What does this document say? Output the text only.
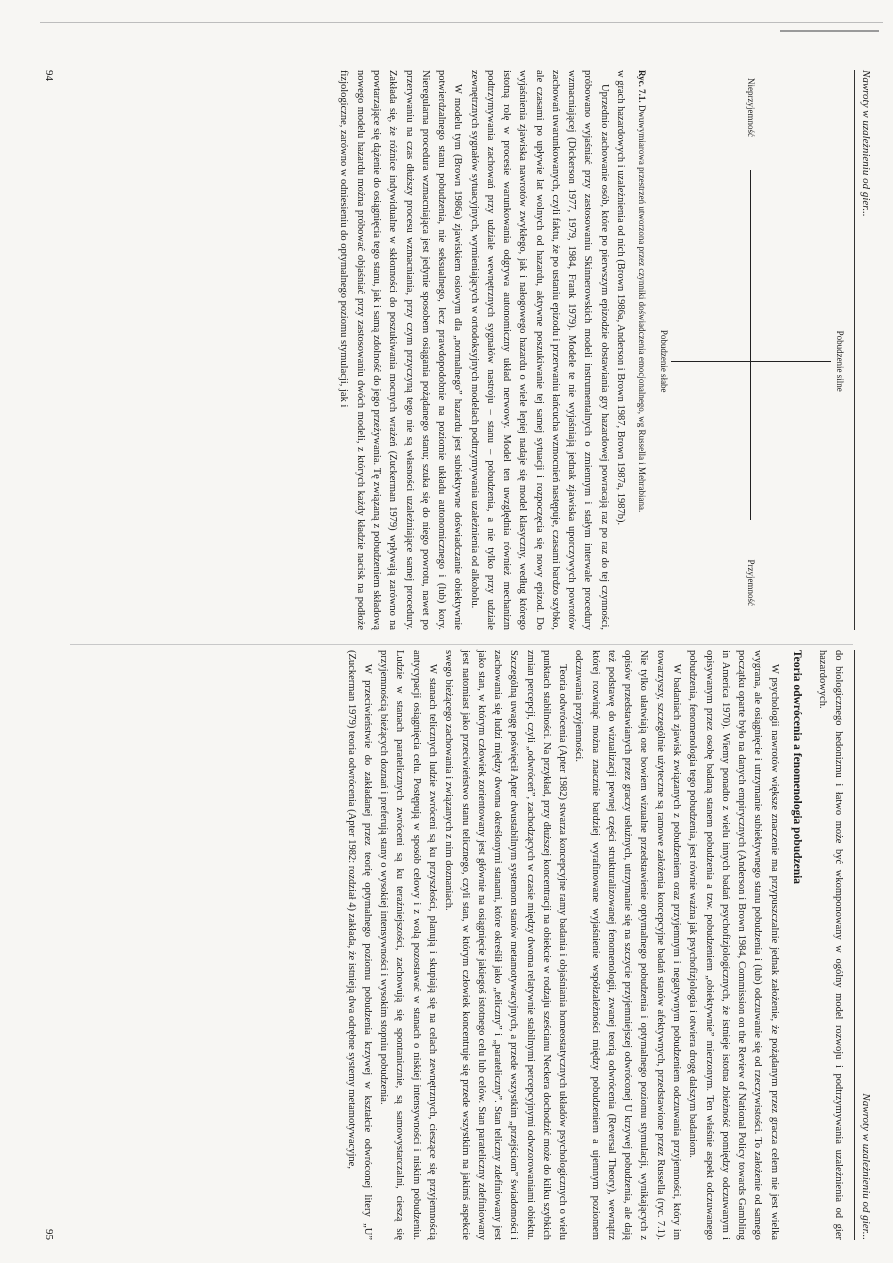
Nawroty w uzależnieniu od gier...
Pobudzenie silne
Pobudzenie słabe
Nieprzyjemność
Przyjemność
Ryc. 7.1. Dwuwymiarowa przestrzeń utworzona przez czynniki doświadczenia emocjonalnego, wg Russella i Mehrabiana.

w grach hazardowych i uzależnienia od nich (Brown 1986a, Anderson i Brown 1987, Brown 1987a, 1987b).

Uprzednio zachowanie osób, które po pierwszym epizodzie obstawiania gry hazardowej powracają raz po raz do tej czynności, próbowano wyjaśniać przy zastosowaniu Skinnerowskich modeli instrumentalnych o zmiennym i stałym interwale procedury wzmacniającej (Dickerson 1977, 1979, 1984, Frank 1979). Modele te nie wyjaśniają jednak zjawiska uporczywych powrotów zachowań uwarunkowanych, czyli faktu, że po ustaniu epizodu i przerwaniu łańcucha wzmocnień następuje, czasami bardzo szybko, ale czasami po upływie lat wolnych od hazardu, aktywne poszukiwanie tej samej sytuacji i rozpoczęcia się nowy epizod. Do wyjaśnienia zjawiska nawrotów zwykłego, jak i nałogowego hazardu o wiele lepiej nadaje się model klasyczny, według którego istotną rolę w procesie warunkowania odgrywa autonomiczny układ nerwowy. Model ten uwzględnia również mechanizm podtrzymywania zachowań przy udziale wewnętrznych sygnałów nastroju – stanu – pobudzenia, a nie tylko przy udziale zewnętrznych sygnałów sytuacyjnych, wymieniających w ortodoksyjnych modelach podtrzymywania uzależnienia od alkoholu.

W modelu tym (Brown 1986a) zjawiskiem osiowym dla „normalnego” hazardu jest subiektywne doświadczanie obiektywnie potwierdzalnego stanu pobudzenia, nie seksualnego, lecz prawdopodobnie na poziomie układu autonomicznego i (lub) kory. Nieregularna procedura wzmacniająca jest jedynie sposobem osiągania pożądanego stanu; szuka się do niego powrotu, nawet po przerywaniu na czas dłuższy procesu wzmacniania, przy czym przyczyną tego nie są własności uzależniające samej procedury. Zakłada się, że różnice indywidualne w skłonności do poszukiwania mocnych wrażeń (Zuckerman 1979) wpływają zarówno na powtarzające się dążenie do osiągnięcia tego stanu, jak i samą zdolność do jego przeżywania. Tę związaną z pobudzeniem składową nowego modelu hazardu można próbować objaśniać przy zastosowaniu dwóch modeli, z których każdy kładzie nacisk na podłoże fizjologiczne, zarówno w odniesieniu do optymalnego poziomu stymulacji, jak i

94
Nawroty w uzależnieniu od gier...

do biologicznego hedonizmu i łatwo może być wkomponowany w ogólny model rozwoju i podtrzymywania uzależnienia od gier hazardowych.

Teoria odwrócenia a fenomenologia pobudzenia

W psychologii nawrotów większe znaczenie ma przypuszczalnie jednak założenie, że pożądanym przez gracza celem nie jest wielka wygrana, ale osiągnięcie i utrzymanie subiektywnego stanu pobudzenia i (lub) odczuwanie się od rzeczywistości. To założenie od samego początku oparte było na danych empirycznych (Anderson i Brown 1984, Commission on the Review of National Policy towards Gambling in America 1970). Wiemy ponadto z wielu innych badań psychofizjologicznych, że istnieje istotna zbieżność pomiędzy odczuwanym i opisywanym przez osobę badaną stanem pobudzenia a tzw. pobudzeniem „obiektywnie” mierzonym. Ten właśnie aspekt odczuwanego pobudzenia, fenomenologia tego pobudzenia, jest równie ważna jak psychofizjologia i otwiera drogę dalszym badaniom.

W badaniach zjawisk związanych z pobudzeniem oraz przyjemnym i negatywnym pobudzeniem odczuwania przyjemności, który im towarzyszy, szczególnie użyteczne są ramowe założenia koncepcyjne badań stanów afektywnych, przedstawione przez Russella (ryc. 7.1). Nie tylko ułatwiają one bowiem wizualne przedstawienie optymalnego pobudzenia i optymalnego poziomu stymulacji, wynikających z opisów przedstawianych przez graczy usłużnych, utrzymanie się na szczycie przyjemniejszej odwróconej U krzywej pobudzenia, ale dają też podstawę do wizualizacji pewnej części strukturalizowanej fenomenologii, zwanej teorią odwrócenia (Reversal Theory), wewnątrz której rozwinąć można znacznie bardziej wyrafinowane wyjaśnienie współzależności między pobudzeniem a ujemnym poziomem odczuwania przyjemności.

Teoria odwrócenia (Apter 1982) stwarza koncepcyjne ramy badania i objaśniania homeostatycznych układów psychologicznych o wielu punktach stabilności. Na przykład, przy dłuższej koncentracji na obiekcie w rodzaju sześcianu Neckera dochodzić może do kilku szybkich zmian percepcji, czyli „odwróceń”, zachodzących w czasie między dwoma relatywnie stabilnymi percepcyjnymi odwzorowaniami obiektu. Szczególną uwagę poświęcił Apter dwustabilnym systemom stanów metamotywacyjnych, a przede wszystkim „przejściom” świadomości i zachowania się ludzi między dwoma określonymi stanami, które określił jako „teliczny” i „parateliczny”. Stan teliczny zdefiniowany jest jako stan, w którym człowiek zorientowany jest głównie na osiągnięcie jakiegoś istotnego celu lub celów. Stan parateliczny zdefiniowany jest natomiast jako przeciwieństwo stanu telicznego, czyli stan, w którym człowiek koncentruje się przede wszystkim na jakimś aspekcie swego bieżącego zachowania i związanych z nim doznaniach.

W stanach telicznych ludzie zwróceni są ku przyszłości, planują i skupiają się na celach zewnętrznych, cieszące się przyjemnością antycypacji osiągnięcia celu. Postępują w sposób celowy i z wolą pozostawać w stanach o niskiej intensywności i niskim pobudzeniu. Ludzie w stanach paratelicznych zwróceni są ku teraźniejszości, zachowują się spontanicznie, są samowystarczalni, cieszą się przyjemnością bieżących doznań i preferują stany o wysokiej intensywności i wysokim stopniu pobudzenia.

W przeciwieństwie do zakładanej przez teorię optymalnego poziomu pobudzenia krzywej w kształcie odwróconej litery „U” (Zuckerman 1979) teoria odwrócenia (Apter 1982: rozdział 4) zakłada, że istnieją dwa odrębne systemy metamotywacyjne,

95
